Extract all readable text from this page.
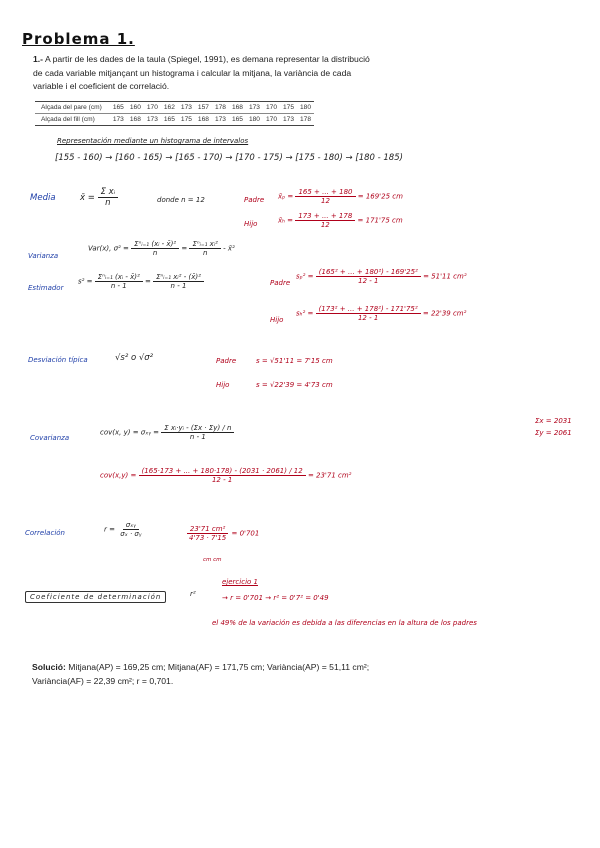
Problema 1.
1.- A partir de les dades de la taula (Spiegel, 1991), es demana representar la distribució de cada variable mitjançant un histograma i calcular la mitjana, la variància de cada variable i el coeficient de correlació.
Alçada del pare (cm)	165	160	170	162	173	157	178	168	173	170	175	180
Alçada del fill (cm)	173	168	173	165	175	168	173	165	180	170	173	178
Representación mediante un histograma de intervalos
[155 - 160) → [160 - 165) → [165 - 170) → [170 - 175) → [175 - 180) → [180 - 185)
Media	x̄ = $\frac{\text{Σ xᵢ}}{n}$	donde n = 12	Padre x̄ₚ = $\frac{165 + ... + 180}{12} = 169'25$ cm
Hijo	x̄ₕ = $\frac{173 + ... + 178}{12} = 171'75$ cm
Varianza
Var(x), $\sigma^2 = \frac{\text{Σⁿᵢ₌₁ (xᵢ - x̄)²}}{n} = \frac{\text{Σⁿᵢ₌₁ xᵢ²}}{n}$ - x̄²
Estimador
$s^2 = \frac{\text{Σⁿᵢ₌₁ (xᵢ - x̄)²}}{n - 1} = \frac{\text{Σⁿᵢ₌₁ xᵢ² - (x̄)²}}{n - 1}$	Padre
$s_p^2 = \frac{\text{(165² + ... + 180²) - 169'25²}}{12 - 1} = 51'11$ cm²
Hijo
$s_h^2 = \frac{\text{(173² + ... + 178²) - 171'75²}}{12 - 1} = 22'39$ cm²
Desviación típica	√s² o √σ²	Padre	s = √51'11 = 7'15 cm
Hijo	s = √22'39 = 4'73 cm
Σx = 2031
Σy = 2061
Covarianza
cov(x, y) = σₓᵧ = $\frac{\text{Σ xᵢ·yᵢ - (Σx · Σy) / n}}{n - 1}$
$cov(x,y) = \frac{(165\cdot 173 + ... + 180\cdot 178) - (2031 \cdot 2061) / 12}{12 - 1} = 23'71$ cm²
Correlación	$r = \frac{\text{σₓᵧ}}{\text{σₓ · σᵧ}}$	$\frac{\text{23'71 cm²}}{4'73 \cdot 7'15} = 0'701$
cm cm
Coeficiente de determinación	r²
ejercicio 1
→ r = 0'701 → r² = 0'7² = 0'49
el 49% de la variación es debida a las diferencias en la altura de los padres
Solució: Mitjana(AP) = 169,25 cm; Mitjana(AF) = 171,75 cm; Variància(AP) = 51,11 cm²; Variància(AF) = 22,39 cm²; r = 0,701.
